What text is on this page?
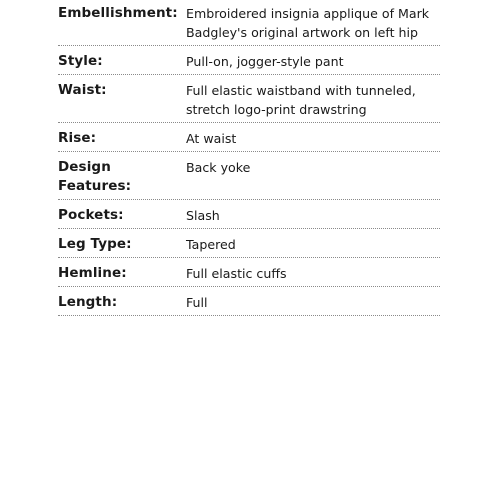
Embellishment: Embroidered insignia applique of Mark Badgley's original artwork on left hip
Style:	Pull-on, jogger-style pant
Waist:	Full elastic waistband with tunneled, stretch logo-print drawstring
Rise:	At waist
Design Features:
Back yoke
Pockets:	Slash
Leg Type:	Tapered
Hemline:	Full elastic cuffs
Length:	Full
